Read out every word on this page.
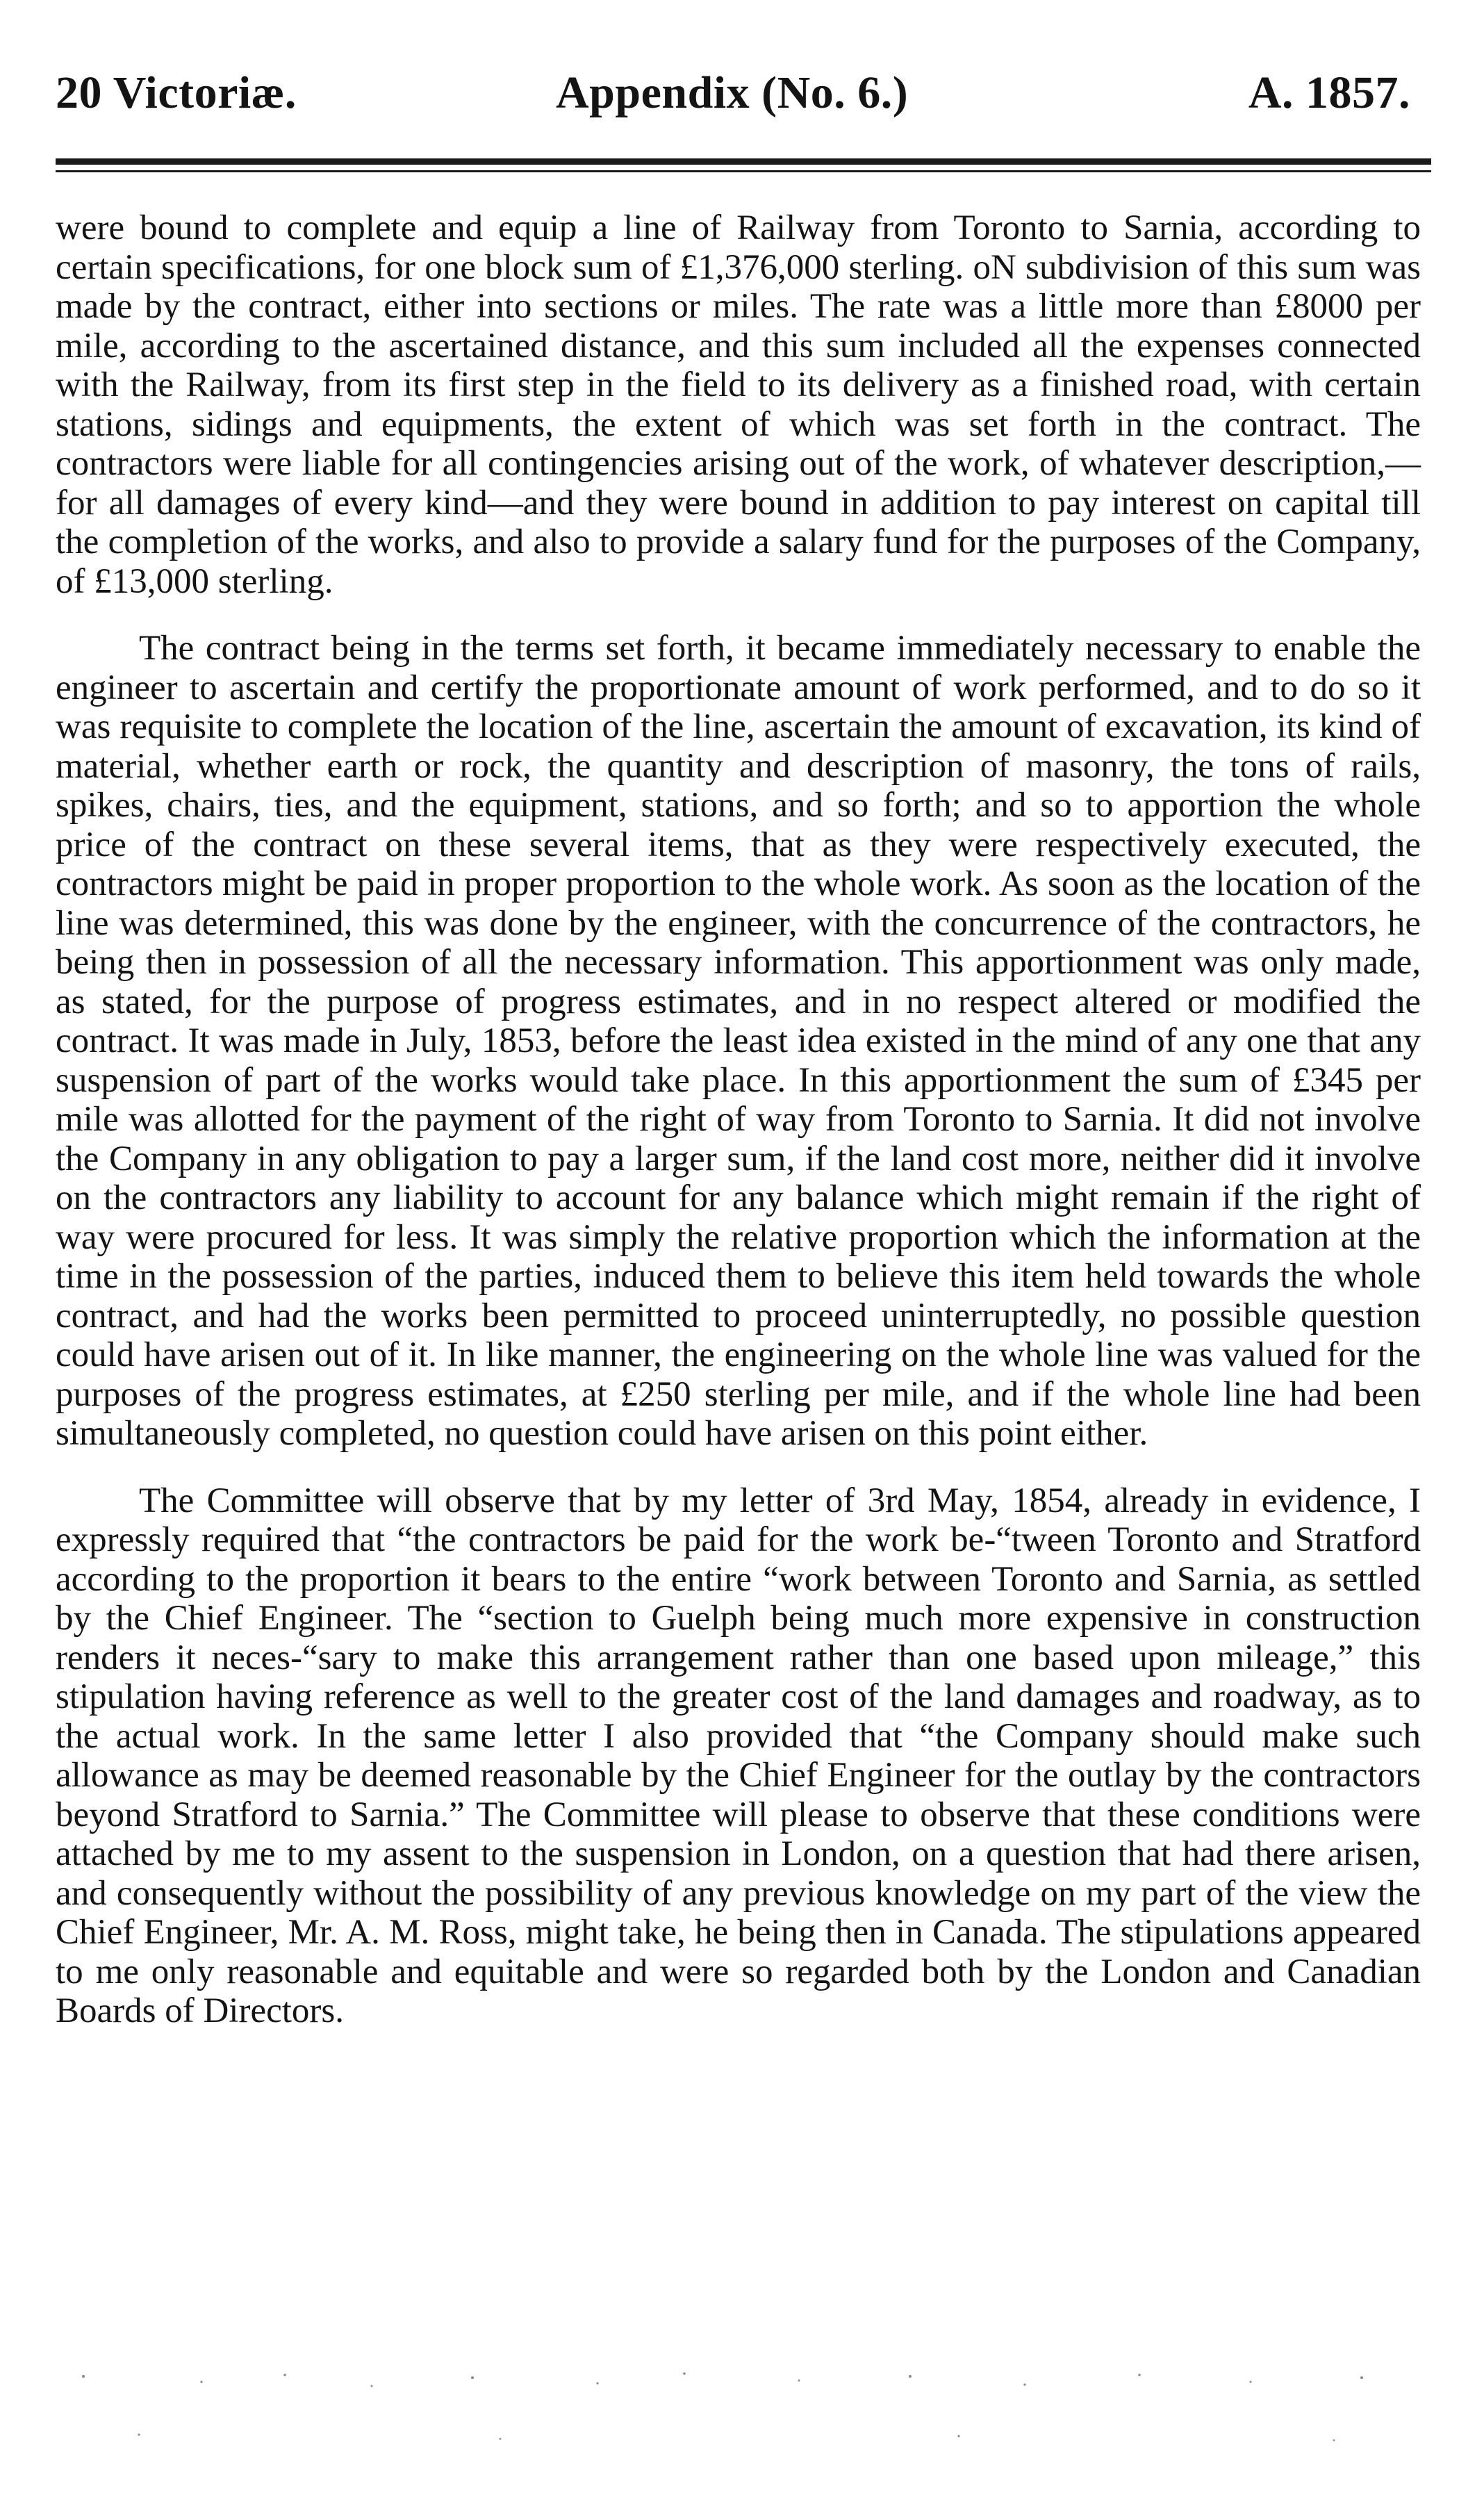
20 Victoriæ.	Appendix (No. 6.)	A. 1857.

were bound to complete and equip a line of Railway from Toronto to Sarnia, according to certain specifications, for one block sum of £1,376,000 sterling. oN subdivision of this sum was made by the contract, either into sections or miles. The rate was a little more than £8000 per mile, according to the ascertained distance, and this sum included all the expenses connected with the Railway, from its first step in the field to its delivery as a finished road, with certain stations, sidings and equipments, the extent of which was set forth in the contract. The contractors were liable for all contingencies arising out of the work, of whatever description,—for all damages of every kind—and they were bound in addition to pay interest on capital till the completion of the works, and also to provide a salary fund for the purposes of the Company, of £13,000 sterling.

The contract being in the terms set forth, it became immediately necessary to enable the engineer to ascertain and certify the proportionate amount of work performed, and to do so it was requisite to complete the location of the line, ascertain the amount of excavation, its kind of material, whether earth or rock, the quantity and description of masonry, the tons of rails, spikes, chairs, ties, and the equipment, stations, and so forth; and so to apportion the whole price of the contract on these several items, that as they were respectively executed, the contractors might be paid in proper proportion to the whole work. As soon as the location of the line was determined, this was done by the engineer, with the concurrence of the contractors, he being then in possession of all the necessary information. This apportionment was only made, as stated, for the purpose of progress estimates, and in no respect altered or modified the contract. It was made in July, 1853, before the least idea existed in the mind of any one that any suspension of part of the works would take place. In this apportionment the sum of £345 per mile was allotted for the payment of the right of way from Toronto to Sarnia. It did not involve the Company in any obligation to pay a larger sum, if the land cost more, neither did it involve on the contractors any liability to account for any balance which might remain if the right of way were procured for less. It was simply the relative proportion which the information at the time in the possession of the parties, induced them to believe this item held towards the whole contract, and had the works been permitted to proceed uninterruptedly, no possible question could have arisen out of it. In like manner, the engineering on the whole line was valued for the purposes of the progress estimates, at £250 sterling per mile, and if the whole line had been simultaneously completed, no question could have arisen on this point either.

The Committee will observe that by my letter of 3rd May, 1854, already in evidence, I expressly required that “the contractors be paid for the work be-“tween Toronto and Stratford according to the proportion it bears to the entire “work between Toronto and Sarnia, as settled by the Chief Engineer. The “section to Guelph being much more expensive in construction renders it neces-“sary to make this arrangement rather than one based upon mileage,” this stipulation having reference as well to the greater cost of the land damages and roadway, as to the actual work. In the same letter I also provided that “the Company should make such allowance as may be deemed reasonable by the Chief Engineer for the outlay by the contractors beyond Stratford to Sarnia.” The Committee will please to observe that these conditions were attached by me to my assent to the suspension in London, on a question that had there arisen, and consequently without the possibility of any previous knowledge on my part of the view the Chief Engineer, Mr. A. M. Ross, might take, he being then in Canada. The stipulations appeared to me only reasonable and equitable and were so regarded both by the London and Canadian Boards of Directors.
